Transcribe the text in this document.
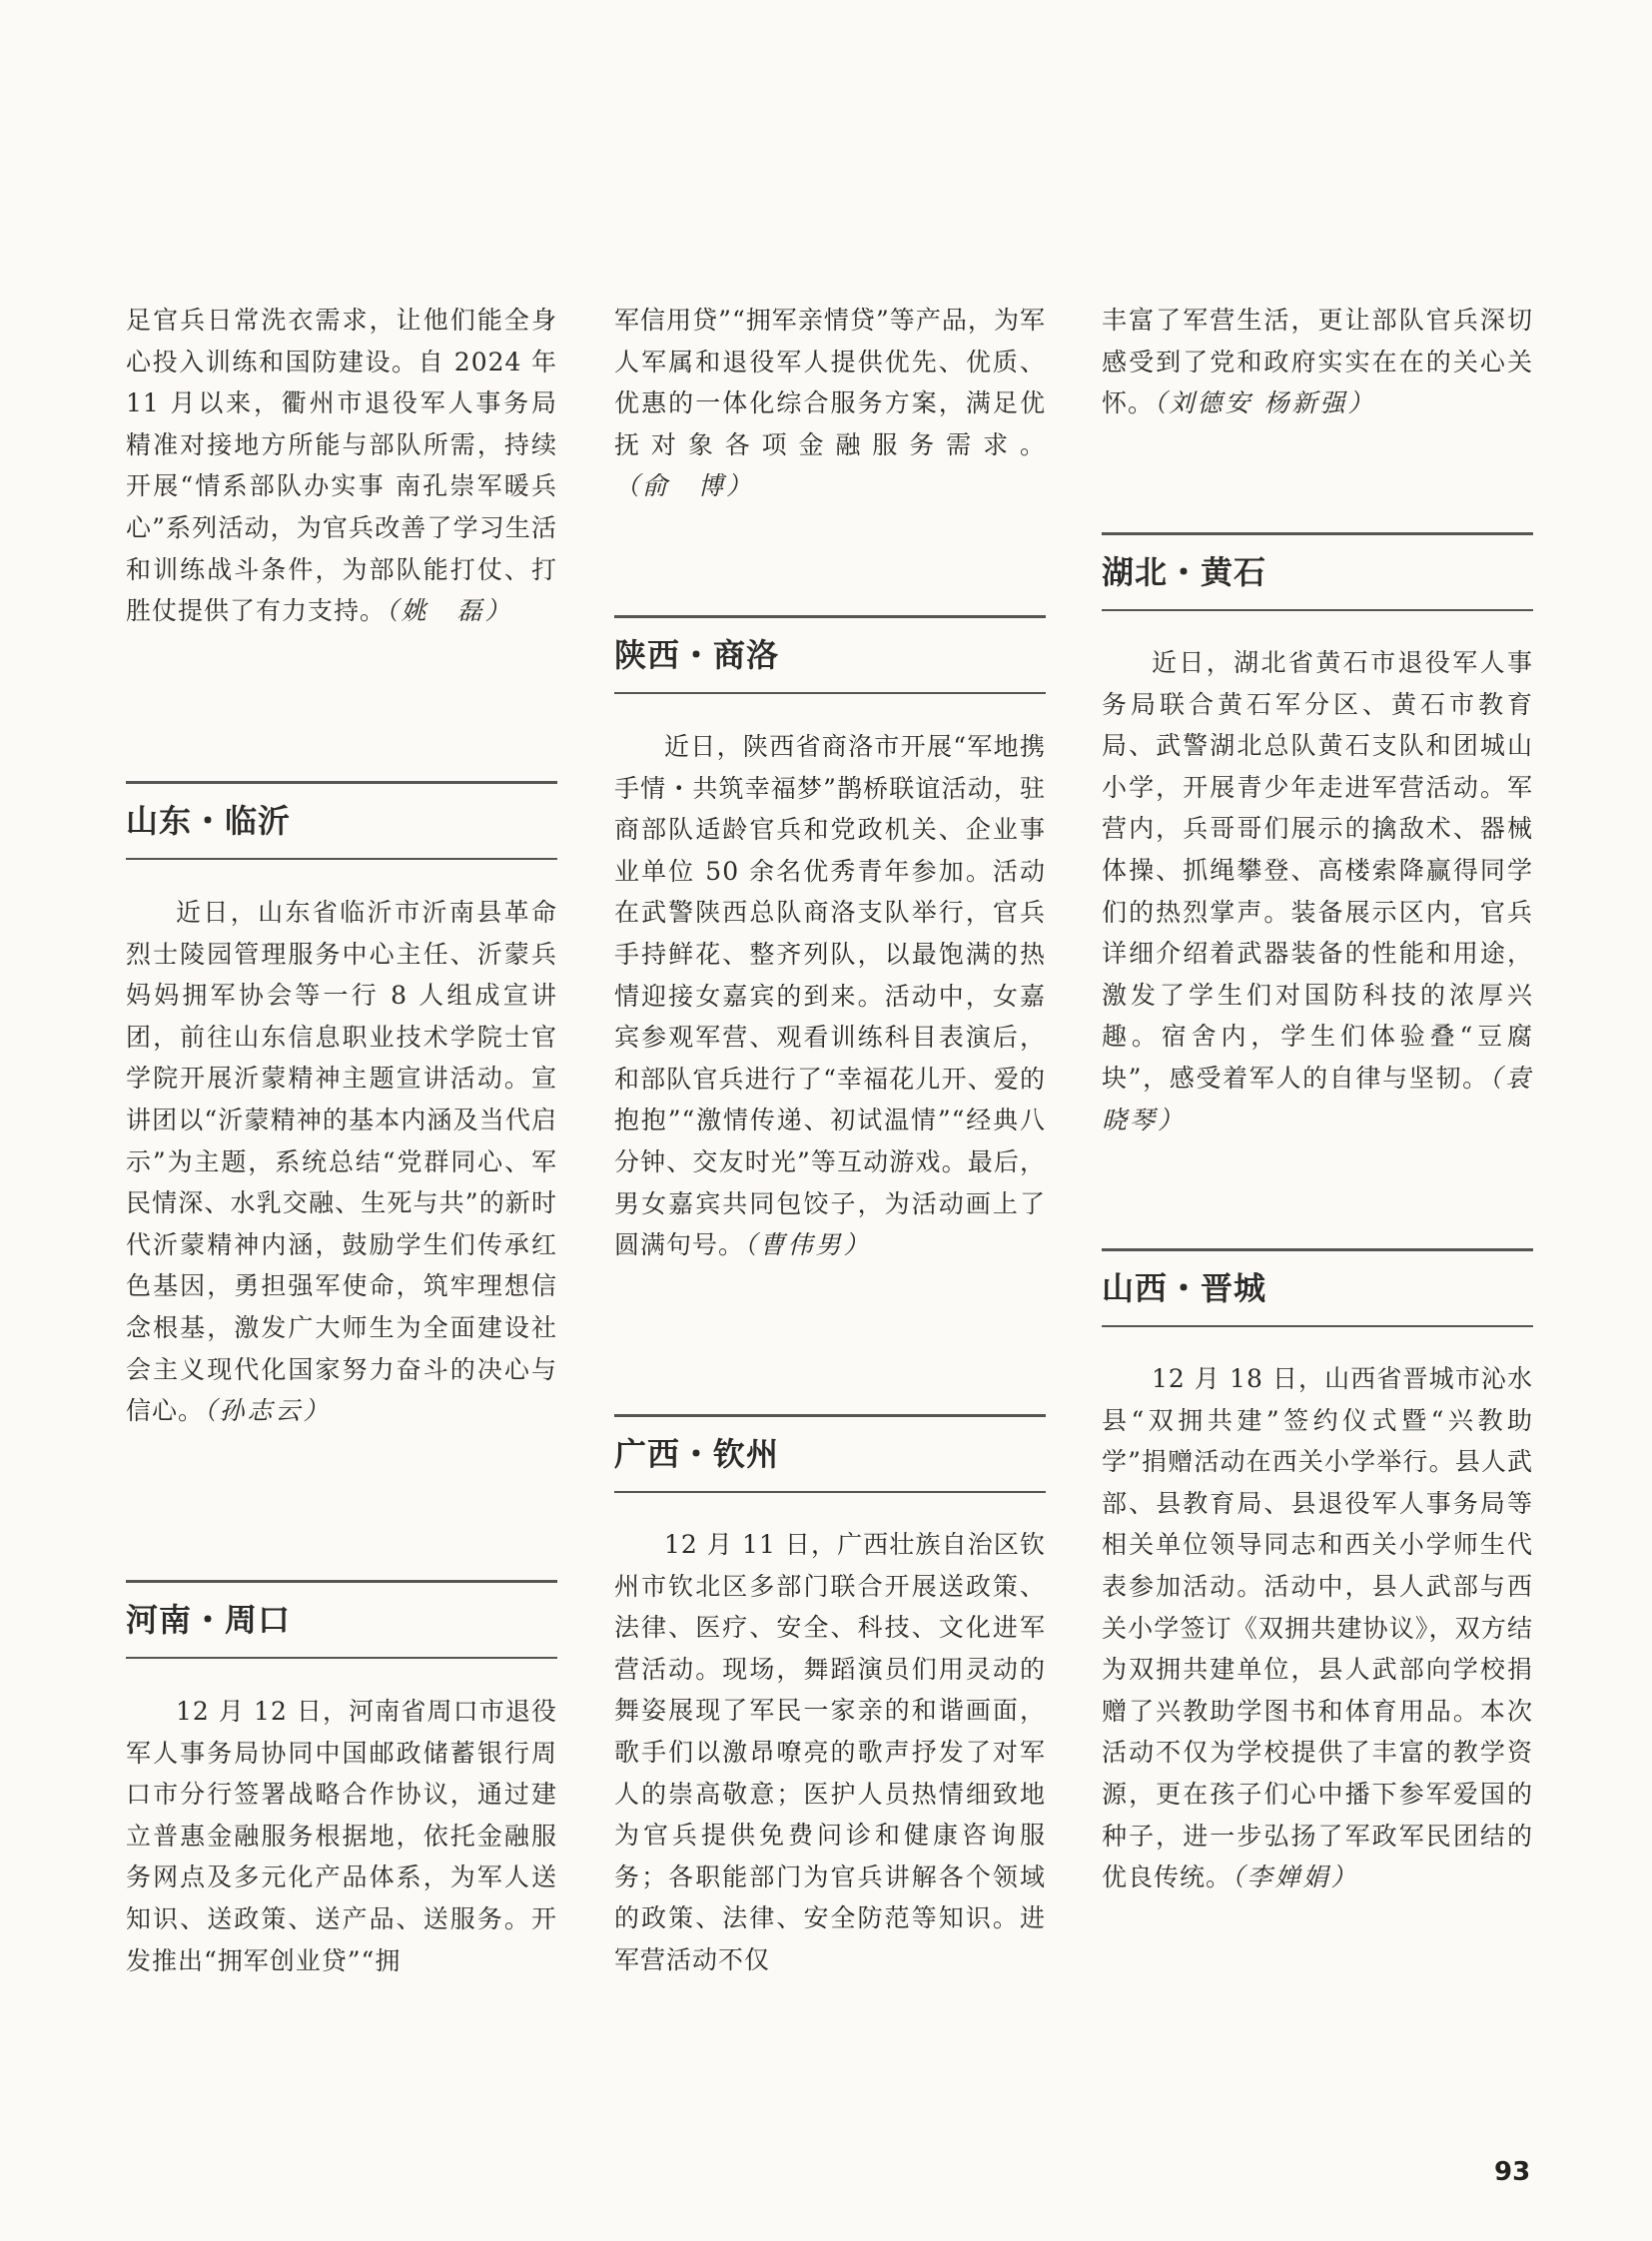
足官兵日常洗衣需求，让他们能全身心投入训练和国防建设。自 2024 年 11 月以来，衢州市退役军人事务局精准对接地方所能与部队所需，持续开展“情系部队办实事 南孔崇军暖兵心”系列活动，为官兵改善了学习生活和训练战斗条件，为部队能打仗、打胜仗提供了有力支持。（姚　磊）

山东・临沂

近日，山东省临沂市沂南县革命烈士陵园管理服务中心主任、沂蒙兵妈妈拥军协会等一行 8 人组成宣讲团，前往山东信息职业技术学院士官学院开展沂蒙精神主题宣讲活动。宣讲团以“沂蒙精神的基本内涵及当代启示”为主题，系统总结“党群同心、军民情深、水乳交融、生死与共”的新时代沂蒙精神内涵，鼓励学生们传承红色基因，勇担强军使命，筑牢理想信念根基，激发广大师生为全面建设社会主义现代化国家努力奋斗的决心与信心。（孙志云）

河南・周口

12 月 12 日，河南省周口市退役军人事务局协同中国邮政储蓄银行周口市分行签署战略合作协议，通过建立普惠金融服务根据地，依托金融服务网点及多元化产品体系，为军人送知识、送政策、送产品、送服务。开发推出“拥军创业贷”“拥

军信用贷”“拥军亲情贷”等产品，为军人军属和退役军人提供优先、优质、优惠的一体化综合服务方案，满足优抚对象各项金融服务需求。（俞　博）

陕西・商洛

近日，陕西省商洛市开展“军地携手情・共筑幸福梦”鹊桥联谊活动，驻商部队适龄官兵和党政机关、企业事业单位 50 余名优秀青年参加。活动在武警陕西总队商洛支队举行，官兵手持鲜花、整齐列队，以最饱满的热情迎接女嘉宾的到来。活动中，女嘉宾参观军营、观看训练科目表演后，和部队官兵进行了“幸福花儿开、爱的抱抱”“激情传递、初试温情”“经典八分钟、交友时光”等互动游戏。最后，男女嘉宾共同包饺子，为活动画上了圆满句号。（曹伟男）

广西・钦州

12 月 11 日，广西壮族自治区钦州市钦北区多部门联合开展送政策、法律、医疗、安全、科技、文化进军营活动。现场，舞蹈演员们用灵动的舞姿展现了军民一家亲的和谐画面，歌手们以激昂嘹亮的歌声抒发了对军人的崇高敬意；医护人员热情细致地为官兵提供免费问诊和健康咨询服务；各职能部门为官兵讲解各个领域的政策、法律、安全防范等知识。进军营活动不仅

丰富了军营生活，更让部队官兵深切感受到了党和政府实实在在的关心关怀。（刘德安 杨新强）

湖北・黄石

近日，湖北省黄石市退役军人事务局联合黄石军分区、黄石市教育局、武警湖北总队黄石支队和团城山小学，开展青少年走进军营活动。军营内，兵哥哥们展示的擒敌术、器械体操、抓绳攀登、高楼索降赢得同学们的热烈掌声。装备展示区内，官兵详细介绍着武器装备的性能和用途，激发了学生们对国防科技的浓厚兴趣。宿舍内，学生们体验叠“豆腐块”，感受着军人的自律与坚韧。（袁晓琴）

山西・晋城

12 月 18 日，山西省晋城市沁水县“双拥共建”签约仪式暨“兴教助学”捐赠活动在西关小学举行。县人武部、县教育局、县退役军人事务局等相关单位领导同志和西关小学师生代表参加活动。活动中，县人武部与西关小学签订《双拥共建协议》，双方结为双拥共建单位，县人武部向学校捐赠了兴教助学图书和体育用品。本次活动不仅为学校提供了丰富的教学资源，更在孩子们心中播下参军爱国的种子，进一步弘扬了军政军民团结的优良传统。（李婵娟）

93
